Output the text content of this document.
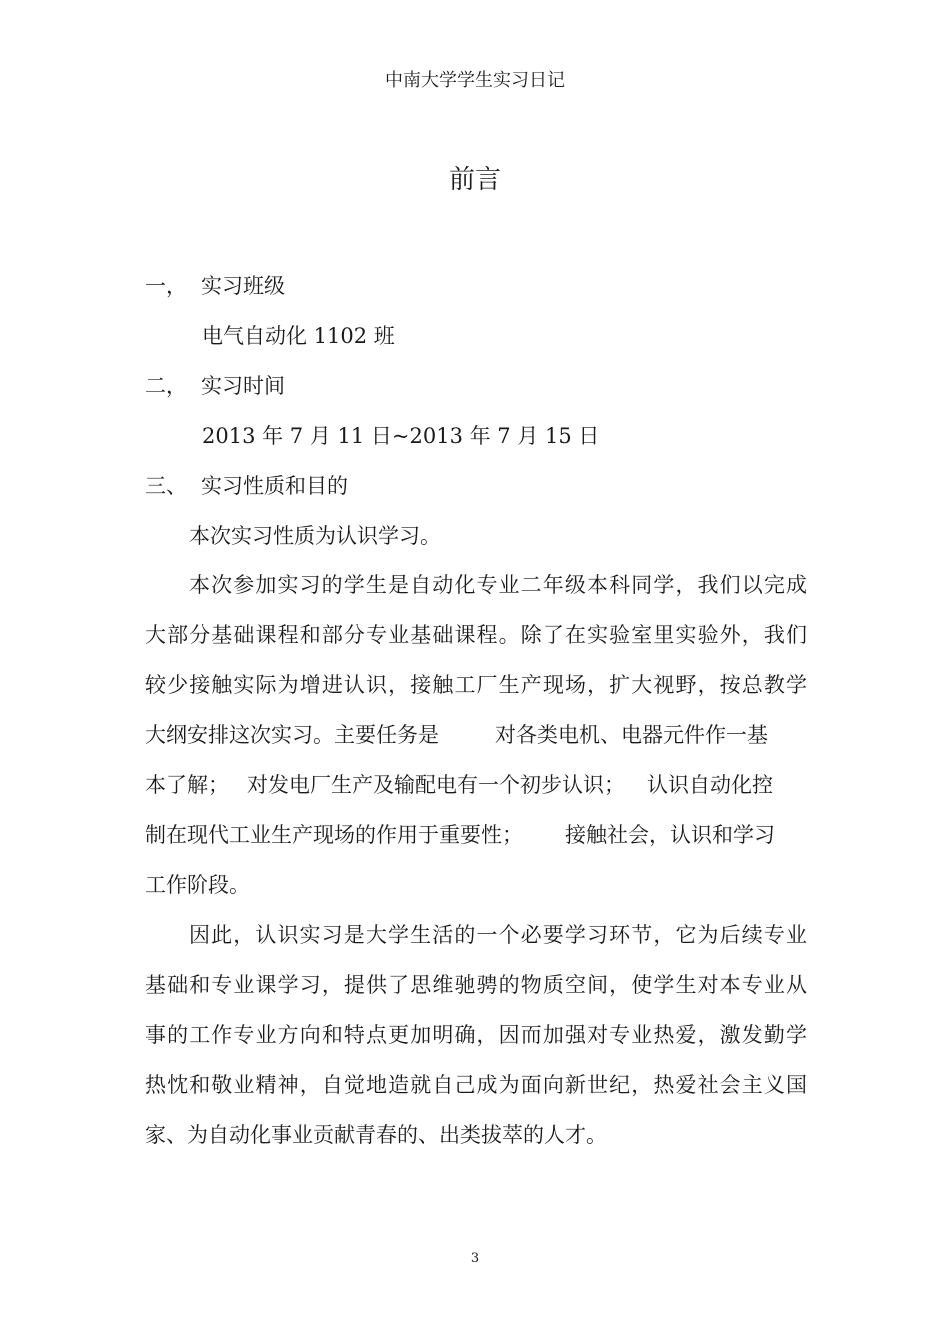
中南大学学生实习日记
前言
一， 实习班级
电气自动化 1102 班
二， 实习时间
2013 年 7 月 11 日~2013 年 7 月 15 日
三、 实习性质和目的
本次实习性质为认识学习。
本次参加实习的学生是自动化专业二年级本科同学，我们以完成
大部分基础课程和部分专业基础课程。除了在实验室里实验外，我们
较少接触实际为增进认识，接触工厂生产现场，扩大视野，按总教学
大纲安排这次实习。主要任务是	对各类电机、电器元件作一基
本了解； 对发电厂生产及输配电有一个初步认识； 认识自动化控
制在现代工业生产现场的作用于重要性； 接触社会，认识和学习
工作阶段。
因此，认识实习是大学生活的一个必要学习环节，它为后续专业
基础和专业课学习，提供了思维驰骋的物质空间，使学生对本专业从
事的工作专业方向和特点更加明确，因而加强对专业热爱，激发勤学
热忱和敬业精神，自觉地造就自己成为面向新世纪，热爱社会主义国
家、为自动化事业贡献青春的、出类拔萃的人才。
3
